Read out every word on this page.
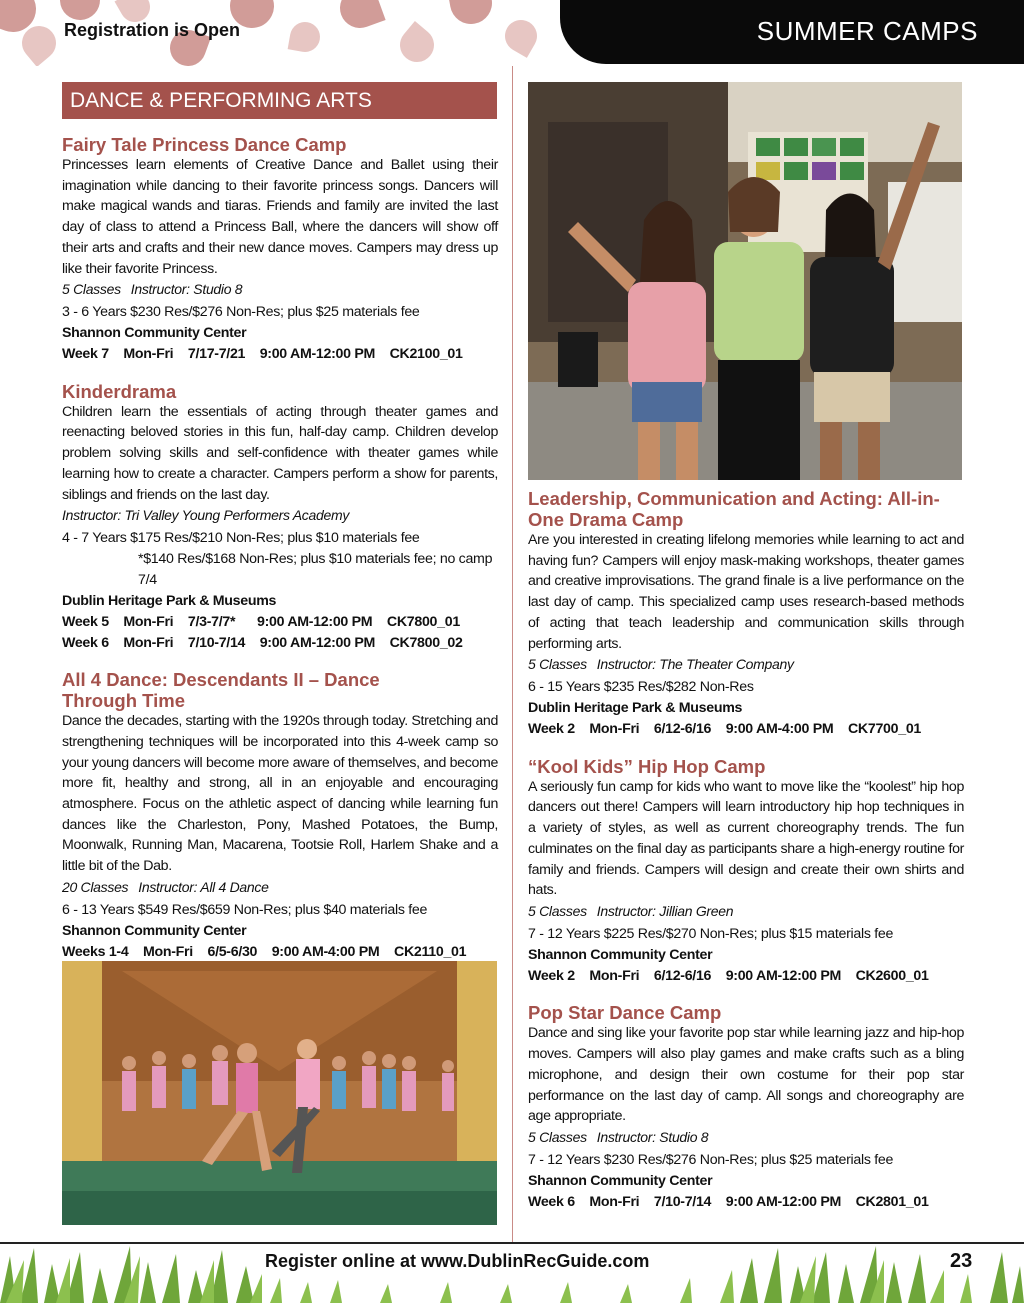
Registration is Open	SUMMER CAMPS
DANCE & PERFORMING ARTS
Fairy Tale Princess Dance Camp
Princesses learn elements of Creative Dance and Ballet using their imagination while dancing to their favorite princess songs. Dancers will make magical wands and tiaras. Friends and family are invited the last day of class to attend a Princess Ball, where the dancers will show off their arts and crafts and their new dance moves. Campers may dress up like their favorite Princess.
5 Classes Instructor: Studio 8
3 - 6 Years $230 Res/$276 Non-Res; plus $25 materials fee
Shannon Community Center
Week 7    Mon-Fri    7/17-7/21    9:00 AM-12:00 PM    CK2100_01
Kinderdrama
Children learn the essentials of acting through theater games and reenacting beloved stories in this fun, half-day camp. Children develop problem solving skills and self-confidence with theater games while learning how to create a character. Campers perform a show for parents, siblings and friends on the last day.
Instructor: Tri Valley Young Performers Academy
4 - 7 Years $175 Res/$210 Non-Res; plus $10 materials fee
*$140 Res/$168 Non-Res; plus $10 materials fee; no camp 7/4
Dublin Heritage Park & Museums
Week 5    Mon-Fri    7/3-7/7*      9:00 AM-12:00 PM    CK7800_01
Week 6    Mon-Fri    7/10-7/14    9:00 AM-12:00 PM    CK7800_02
All 4 Dance: Descendants II – Dance Through Time
Dance the decades, starting with the 1920s through today. Stretching and strengthening techniques will be incorporated into this 4-week camp so your young dancers will become more aware of themselves, and become more fit, healthy and strong, all in an enjoyable and encouraging atmosphere. Focus on the athletic aspect of dancing while learning fun dances like the Charleston, Pony, Mashed Potatoes, the Bump, Moonwalk, Running Man, Macarena, Tootsie Roll, Harlem Shake and a little bit of the Dab.
20 Classes Instructor: All 4 Dance
6 - 13 Years $549 Res/$659 Non-Res; plus $40 materials fee
Shannon Community Center
Weeks 1-4    Mon-Fri    6/5-6/30    9:00 AM-4:00 PM    CK2110_01
Leadership, Communication and Acting: All-in-One Drama Camp
Are you interested in creating lifelong memories while learning to act and having fun? Campers will enjoy mask-making workshops, theater games and creative improvisations. The grand finale is a live performance on the last day of camp. This specialized camp uses research-based methods of acting that teach leadership and communication skills through performing arts.
5 Classes Instructor: The Theater Company
6 - 15 Years $235 Res/$282 Non-Res
Dublin Heritage Park & Museums
Week 2    Mon-Fri    6/12-6/16    9:00 AM-4:00 PM    CK7700_01
“Kool Kids” Hip Hop Camp
A seriously fun camp for kids who want to move like the “koolest” hip hop dancers out there! Campers will learn introductory hip hop techniques in a variety of styles, as well as current choreography trends. The fun culminates on the final day as participants share a high-energy routine for family and friends. Campers will design and create their own shirts and hats.
5 Classes Instructor: Jillian Green
7 - 12 Years $225 Res/$270 Non-Res; plus $15 materials fee
Shannon Community Center
Week 2    Mon-Fri    6/12-6/16    9:00 AM-12:00 PM    CK2600_01
Pop Star Dance Camp
Dance and sing like your favorite pop star while learning jazz and hip-hop moves. Campers will also play games and make crafts such as a bling microphone, and design their own costume for their pop star performance on the last day of camp. All songs and choreography are age appropriate.
5 Classes Instructor: Studio 8
7 - 12 Years $230 Res/$276 Non-Res; plus $25 materials fee
Shannon Community Center
Week 6    Mon-Fri    7/10-7/14    9:00 AM-12:00 PM    CK2801_01
Register online at www.DublinRecGuide.com	23
